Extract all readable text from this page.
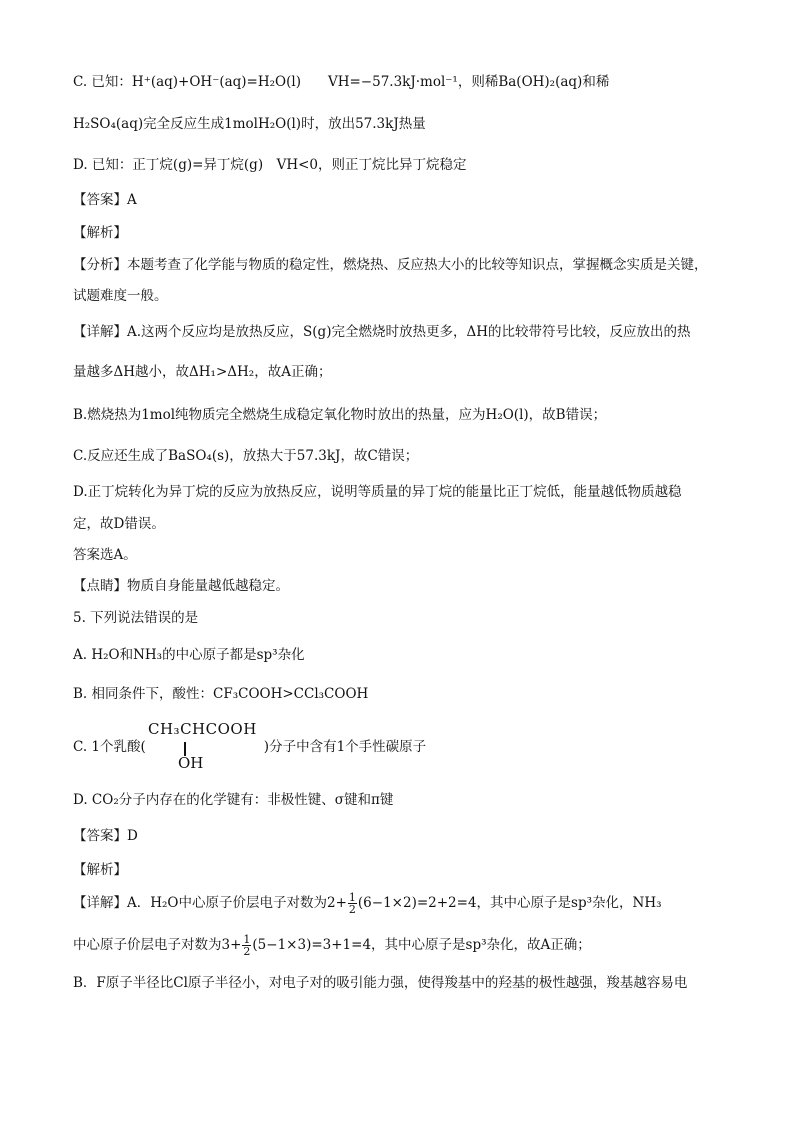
C. 已知：H⁺(aq)+OH⁻(aq)=H₂O(l)　　VH=−57.3kJ·mol⁻¹，则稀Ba(OH)₂(aq)和稀
H₂SO₄(aq)完全反应生成1molH₂O(l)时，放出57.3kJ热量
D. 已知：正丁烷(g)=异丁烷(g)　VH<0，则正丁烷比异丁烷稳定
【答案】A
【解析】
【分析】本题考查了化学能与物质的稳定性，燃烧热、反应热大小的比较等知识点，掌握概念实质是关键，
试题难度一般。
【详解】A.这两个反应均是放热反应，S(g)完全燃烧时放热更多，ΔH的比较带符号比较，反应放出的热
量越多ΔH越小，故ΔH₁>ΔH₂，故A正确；
B.燃烧热为1mol纯物质完全燃烧生成稳定氧化物时放出的热量，应为H₂O(l)，故B错误；
C.反应还生成了BaSO₄(s)，放热大于57.3kJ，故C错误；
D.正丁烷转化为异丁烷的反应为放热反应，说明等质量的异丁烷的能量比正丁烷低，能量越低物质越稳
定，故D错误。
答案选A。
【点睛】物质自身能量越低越稳定。
5. 下列说法错误的是
A. H₂O和NH₃的中心原子都是sp³杂化
B. 相同条件下，酸性：CF₃COOH>CCl₃COOH
C. 1个乳酸(	)分子中含有1个手性碳原子
CH₃CHCOOH
OH
D. CO₂分子内存在的化学键有：非极性键、σ键和π键
【答案】D
【解析】
【详解】A．H₂O中心原子价层电子对数为$2+ \frac{1}{2} (6-1\times 2)=2+2=4$，其中心原子是sp³杂化，NH₃
中心原子价层电子对数为$3+ \frac{1}{2} (5-1\times 3)=3+1=4$，其中心原子是sp³杂化，故A正确；
B．F原子半径比Cl原子半径小，对电子对的吸引能力强，使得羧基中的羟基的极性越强，羧基越容易电
